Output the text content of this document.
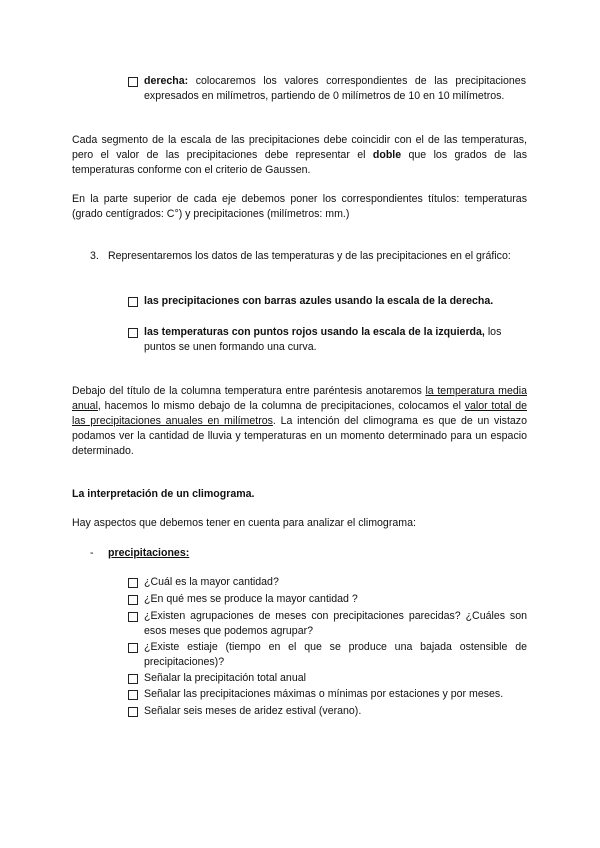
derecha: colocaremos los valores correspondientes de las precipitaciones expresados en milímetros, partiendo de 0 milímetros de 10 en 10 milímetros.
Cada segmento de la escala de las precipitaciones debe coincidir con el de las temperaturas, pero el valor de las precipitaciones debe representar el doble que los grados de las temperaturas conforme con el criterio de Gaussen.
En la parte superior de cada eje debemos poner los correspondientes títulos: temperaturas (grado centígrados: C°) y precipitaciones (milímetros: mm.)
3. Representaremos los datos de las temperaturas y de las precipitaciones en el gráfico:
las precipitaciones con barras azules usando la escala de la derecha.
las temperaturas con puntos rojos usando la escala de la izquierda, los puntos se unen formando una curva.
Debajo del título de la columna temperatura entre paréntesis anotaremos la temperatura media anual, hacemos lo mismo debajo de la columna de precipitaciones, colocamos el valor total de las precipitaciones anuales en milímetros. La intención del climograma es que de un vistazo podamos ver la cantidad de lluvia y temperaturas en un momento determinado para un espacio determinado.
La interpretación de un climograma.
Hay aspectos que debemos tener en cuenta para analizar el climograma:
- precipitaciones:
¿Cuál es la mayor cantidad?
¿En qué mes se produce la mayor cantidad ?
¿Existen agrupaciones de meses con precipitaciones parecidas? ¿Cuáles son esos meses que podemos agrupar?
¿Existe estiaje (tiempo en el que se produce una bajada ostensible de precipitaciones)?
Señalar la precipitación total anual
Señalar las precipitaciones máximas o mínimas por estaciones y por meses.
Señalar seis meses de aridez estival (verano).
